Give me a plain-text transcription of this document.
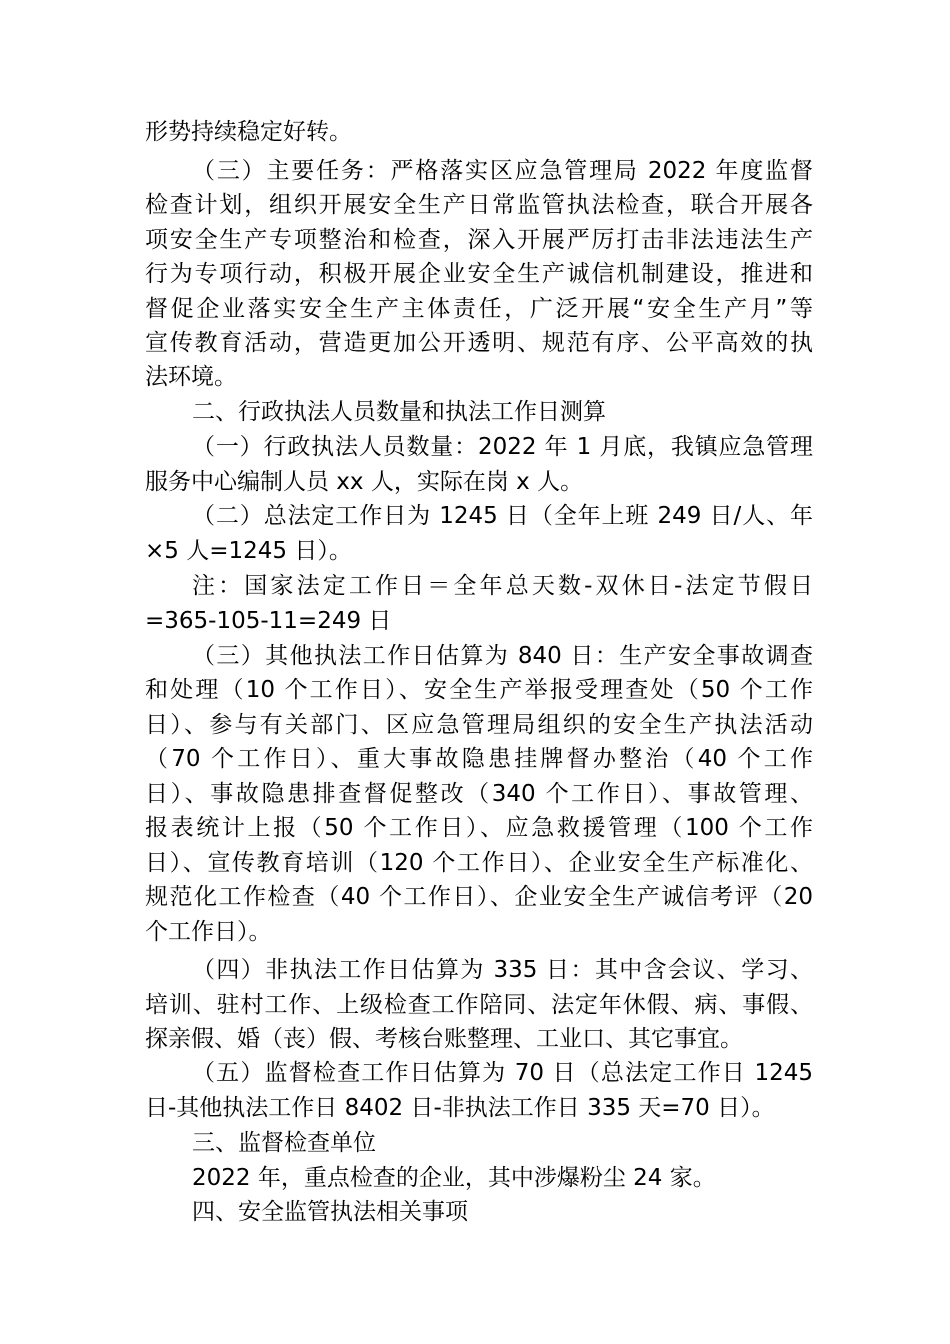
形势持续稳定好转。
（三）主要任务：严格落实区应急管理局 2022 年度监督
检查计划，组织开展安全生产日常监管执法检查，联合开展各
项安全生产专项整治和检查，深入开展严厉打击非法违法生产
行为专项行动，积极开展企业安全生产诚信机制建设，推进和
督促企业落实安全生产主体责任，广泛开展“安全生产月”等
宣传教育活动，营造更加公开透明、规范有序、公平高效的执
法环境。
二、行政执法人员数量和执法工作日测算
（一）行政执法人员数量：2022 年 1 月底，我镇应急管理
服务中心编制人员 xx 人，实际在岗 x 人。
（二）总法定工作日为 1245 日（全年上班 249 日/人、年
×5 人=1245 日）。
注：国家法定工作日＝全年总天数-双休日-法定节假日
=365-105-11=249 日
（三）其他执法工作日估算为 840 日：生产安全事故调查
和处理（10 个工作日）、安全生产举报受理查处（50 个工作
日）、参与有关部门、区应急管理局组织的安全生产执法活动
（70 个工作日）、重大事故隐患挂牌督办整治（40 个工作
日）、事故隐患排查督促整改（340 个工作日）、事故管理、
报表统计上报（50 个工作日）、应急救援管理（100 个工作
日）、宣传教育培训（120 个工作日）、企业安全生产标准化、
规范化工作检查（40 个工作日）、企业安全生产诚信考评（20
个工作日）。
（四）非执法工作日估算为 335 日：其中含会议、学习、
培训、驻村工作、上级检查工作陪同、法定年休假、病、事假、
探亲假、婚（丧）假、考核台账整理、工业口、其它事宜。
（五）监督检查工作日估算为 70 日（总法定工作日 1245
日-其他执法工作日 8402 日-非执法工作日 335 天=70 日）。
三、监督检查单位
2022 年，重点检查的企业，其中涉爆粉尘 24 家。
四、安全监管执法相关事项
